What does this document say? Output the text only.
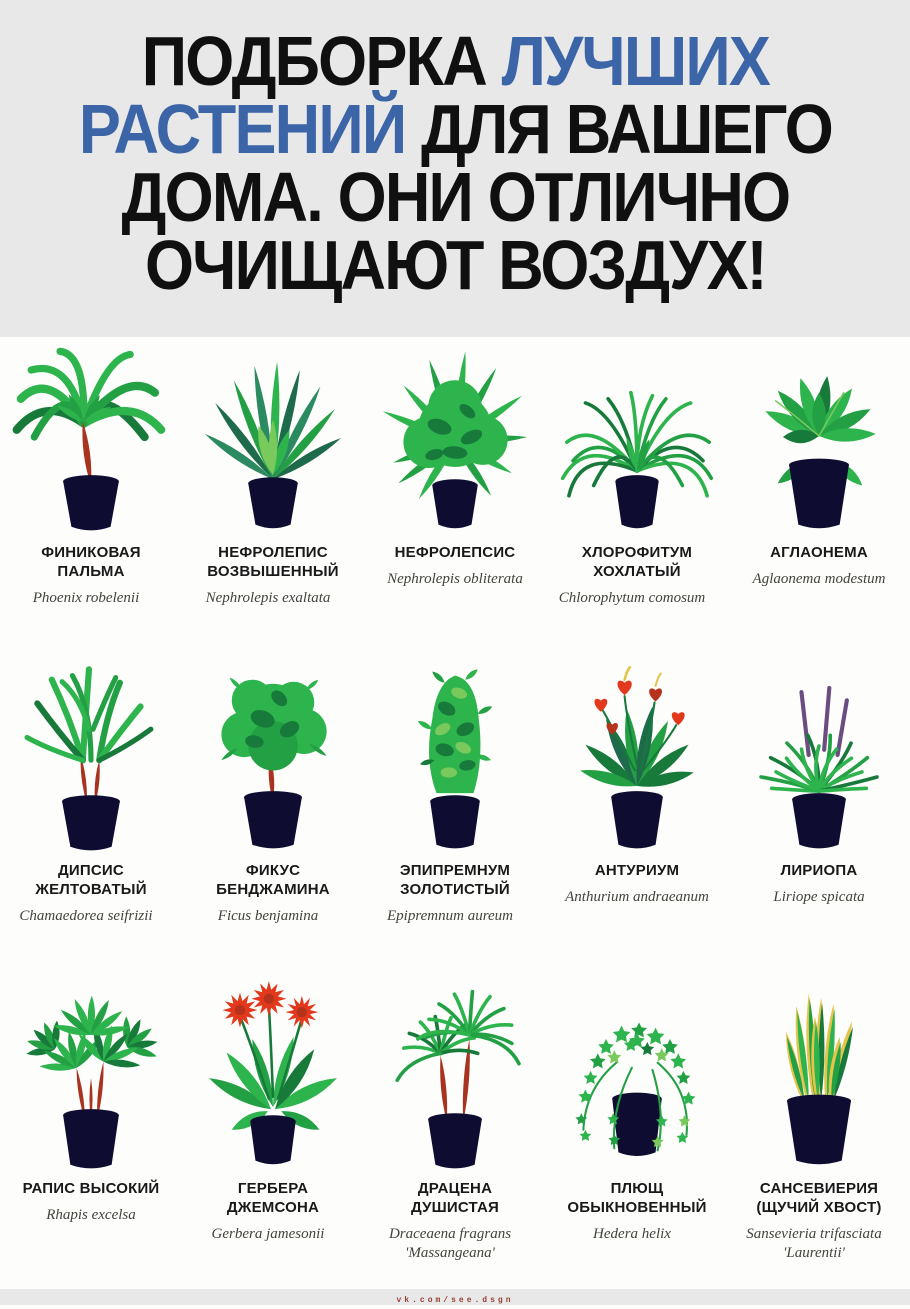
ПОДБОРКА ЛУЧШИХ
РАСТЕНИЙ ДЛЯ ВАШЕГО
ДОМА. ОНИ ОТЛИЧНО
ОЧИЩАЮТ ВОЗДУХ!
ФИНИКОВАЯ ПАЛЬМА
Phoenix robelenii
НЕФРОЛЕПИС ВОЗВЫШЕННЫЙ
Nephrolepis exaltata
НЕФРОЛЕПСИС
Nephrolepis obliterata
ХЛОРОФИТУМ ХОХЛАТЫЙ
Chlorophytum comosum
АГЛАОНЕМА
Aglaonema modestum
ДИПСИС ЖЕЛТОВАТЫЙ
Chamaedorea seifrizii
ФИКУС БЕНДЖАМИНА
Ficus benjamina
ЭПИПРЕМНУМ ЗОЛОТИСТЫЙ
Epipremnum aureum
АНТУРИУМ
Anthurium andraeanum
ЛИРИОПА
Liriope spicata
РАПИС ВЫСОКИЙ
Rhapis excelsa
ГЕРБЕРА ДЖЕМСОНА
Gerbera jamesonii
ДРАЦЕНА ДУШИСТАЯ
Draceaena fragrans 'Massangeana'
ПЛЮЩ ОБЫКНОВЕННЫЙ
Hedera helix
САНСЕВИЕРИЯ (ЩУЧИЙ ХВОСТ)
Sansevieria trifasciata 'Laurentii'
vk.com/see.dsgn
